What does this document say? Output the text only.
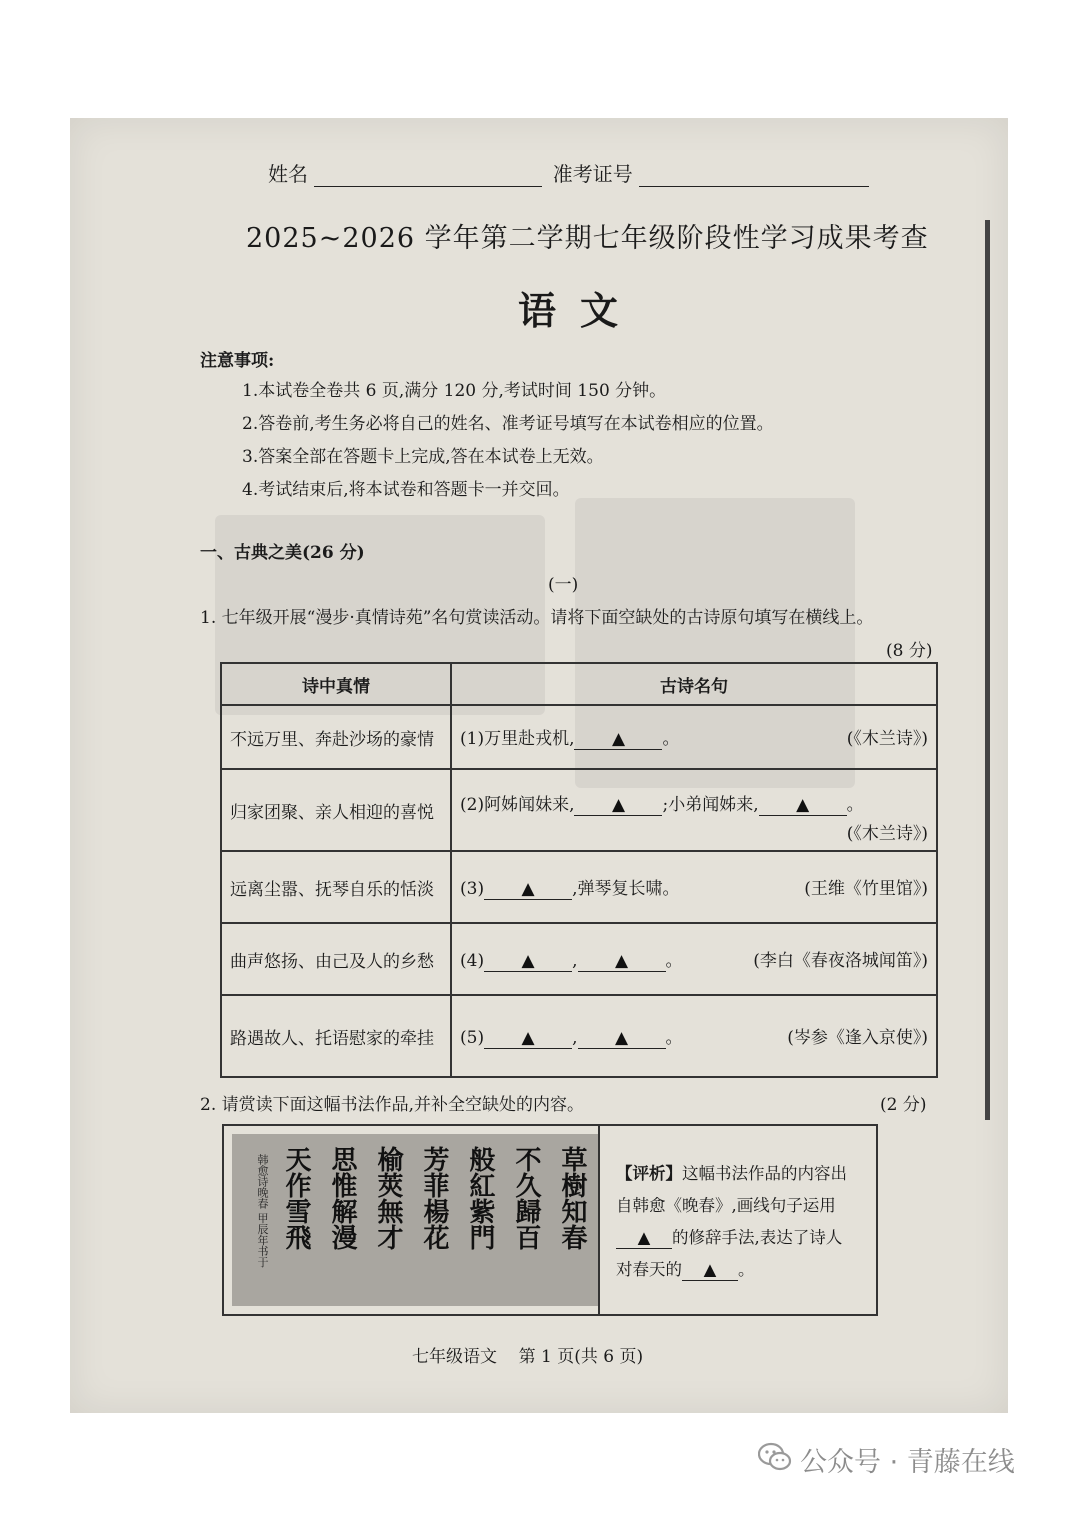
姓名	准考证号
2025~2026 学年第二学期七年级阶段性学习成果考查
语文
注意事项:
1.本试卷全卷共 6 页,满分 120 分,考试时间 150 分钟。
2.答卷前,考生务必将自己的姓名、准考证号填写在本试卷相应的位置。
3.答案全部在答题卡上完成,答在本试卷上无效。
4.考试结束后,将本试卷和答题卡一并交回。
一、古典之美(26 分)
(一)
1. 七年级开展“漫步·真情诗苑”名句赏读活动。请将下面空缺处的古诗原句填写在横线上。
(8 分)
诗中真情	古诗名句
不远万里、奔赴沙场的豪情	(1)万里赴戎机, ▲ 。 (《木兰诗》)

归家团聚、亲人相迎的喜悦	(2)阿姊闻妹来, ▲ ;小弟闻姊来, ▲ 。
(《木兰诗》)

远离尘嚣、抚琴自乐的恬淡	(3) ▲ ,弹琴复长啸。 (王维《竹里馆》)

曲声悠扬、由己及人的乡愁	(4) ▲ , ▲ 。 (李白《春夜洛城闻笛》)

路遇故人、托语慰家的牵挂	(5) ▲ , ▲ 。 (岑参《逢入京使》)
2. 请赏读下面这幅书法作品,并补全空缺处的内容。	(2 分)
韩愈诗晚春 甲辰年书于 天作雪飛 思惟解漫 榆莢無才 芳菲楊花 般紅紫門 不久歸百 草樹知春	【评析】这幅书法作品的内容出自韩愈《晚春》,画线句子运用▲ 的修辞手法,表达了诗人对春天的 ▲ 。
七年级语文    第 1 页(共 6 页)
公众号 · 青藤在线
